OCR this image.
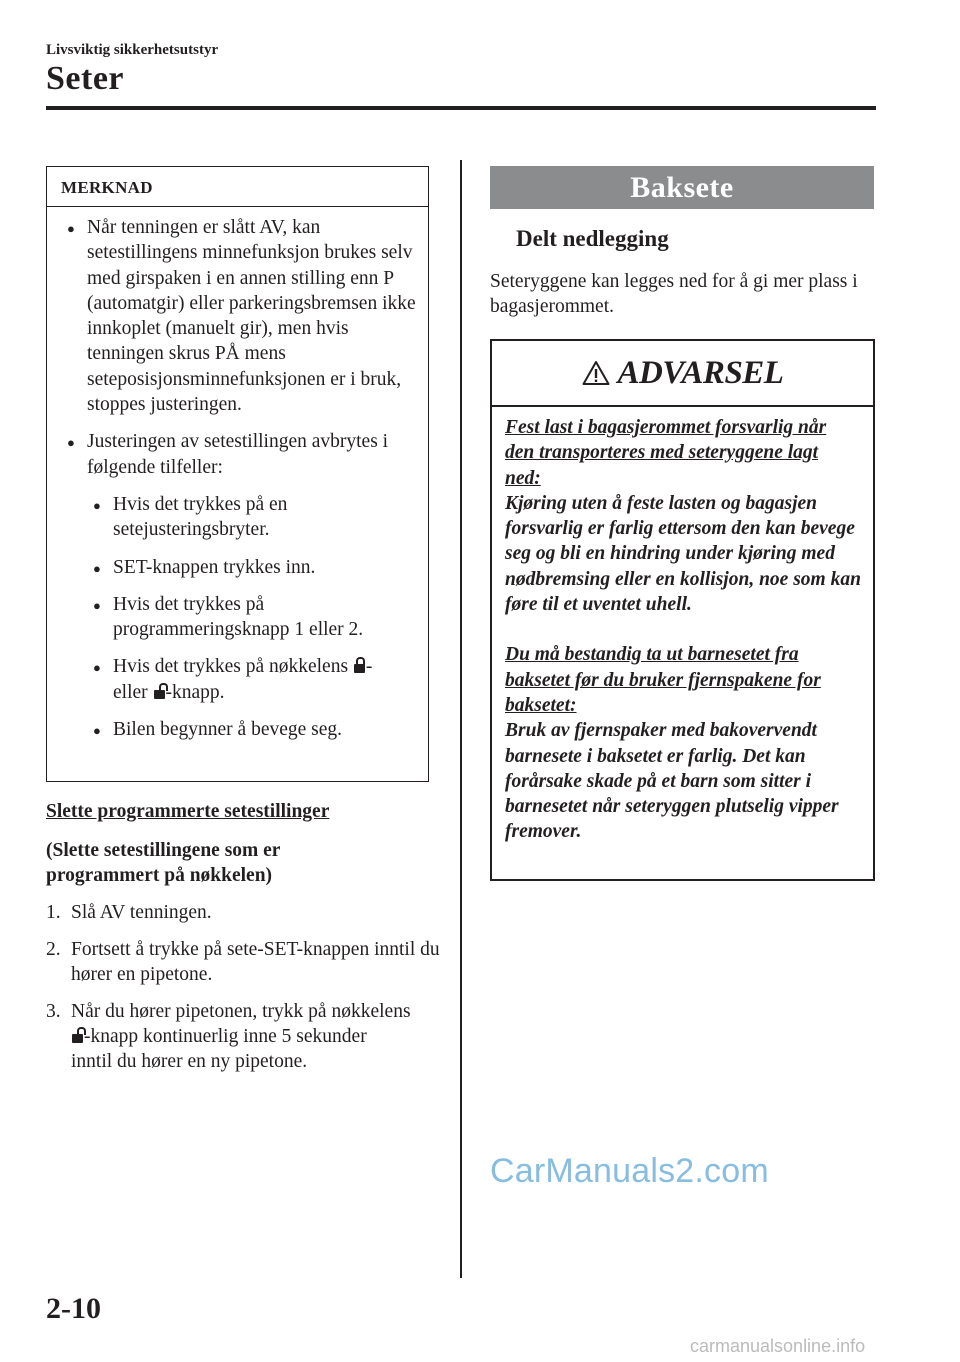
Livsviktig sikkerhetsutstyr
Seter
MERKNAD
● Når tenningen er slått AV, kan setestillingens minnefunksjon brukes selv med girspaken i en annen stilling enn P (automatgir) eller parkeringsbremsen ikke innkoplet (manuelt gir), men hvis tenningen skrus PÅ mens seteposisjonsminnefunksjonen er i bruk, stoppes justeringen.
● Justeringen av setestillingen avbrytes i følgende tilfeller:
● Hvis det trykkes på en setejusteringsbryter.
● SET-knappen trykkes inn.
● Hvis det trykkes på programmeringsknapp 1 eller 2.
● Hvis det trykkes på nøkkelens
-
eller
-knapp.
● Bilen begynner å bevege seg.
Slette programmerte setestillinger
(Slette setestillingene som er programmert på nøkkelen)
1. Slå AV tenningen.
2. Fortsett å trykke på sete-SET-knappen inntil du hører en pipetone.
3. Når du hører pipetonen, trykk på nøkkelens
-knapp kontinuerlig inne 5 sekunder inntil du hører en ny pipetone.
Baksete
Delt nedlegging
Seteryggene kan legges ned for å gi mer plass i bagasjerommet.
ADVARSEL
Fest last i bagasjerommet forsvarlig når den transporteres med seteryggene lagt ned:
Kjøring uten å feste lasten og bagasjen forsvarlig er farlig ettersom den kan bevege seg og bli en hindring under kjøring med nødbremsing eller en kollisjon, noe som kan føre til et uventet uhell.
Du må bestandig ta ut barnesetet fra baksetet før du bruker fjernspakene for baksetet:
Bruk av fjernspaker med bakovervendt barnesete i baksetet er farlig. Det kan forårsake skade på et barn som sitter i barnesetet når seteryggen plutselig vipper fremover.
CarManuals2.com
2-10
carmanualsonline.info
